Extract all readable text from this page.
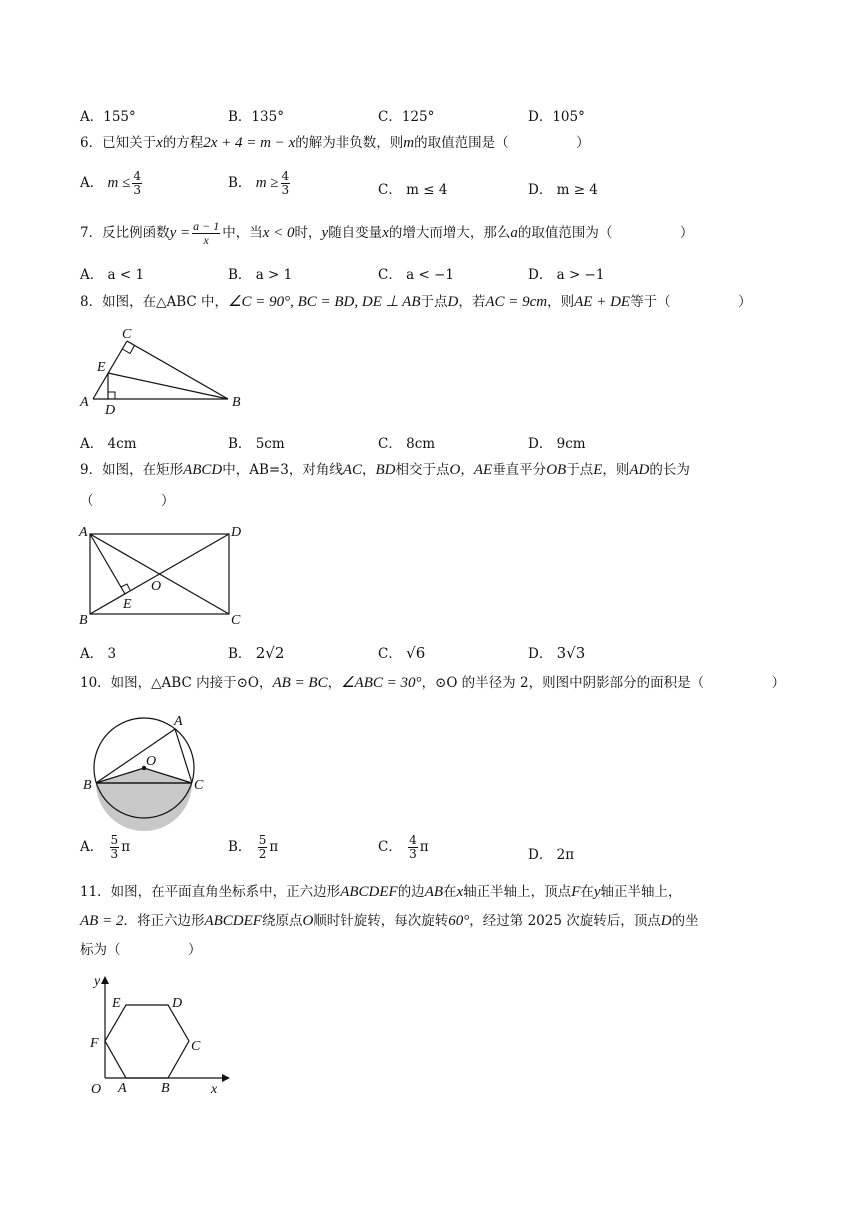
A．155°	B．135°	C．125°	D．105°
6．已知关于x的方程2x + 4 = m − x的解为非负数，则m的取值范围是（　　　　　）
A． $m \le \frac{4}{3}$	B． $m \ge \frac{4}{3}$	C． m ≤ 4	D． m ≥ 4
7．反比例函数$y = \frac{a - 1}{x}$ 中，当x < 0时，y随自变量x的增大而增大，那么a的取值范围为（　　　　　）
A． a < 1	B． a > 1	C． a < −1	D． a > −1
8．如图，在△ABC 中，∠C = 90°, BC = BD, DE ⊥ AB于点D，若AC = 9cm，则AE + DE等于（　　　　　）
A	B
C
D
E
A． 4cm	B． 5cm	C． 8cm	D． 9cm
9．如图，在矩形ABCD中，AB=3，对角线AC，BD相交于点O，AE垂直平分OB于点E，则AD的长为
（　　　　　）
A	D
B	C
O
E
A． 3	B． 2√2	C． √6	D． 3√3
10．如图，△ABC 内接于⊙O，AB = BC，∠ABC = 30°，⊙O 的半径为 2，则图中阴影部分的面积是（　　　　　）
A
B	C
O
A． $\frac{5}{3}$ π	B． $\frac{5}{2}$ π	C． $\frac{4}{3}$ π	D． 2π
11．如图，在平面直角坐标系中，正六边形ABCDEF的边AB在x轴正半轴上，顶点F在y轴正半轴上，
AB = 2．将正六边形ABCDEF绕原点O顺时针旋转，每次旋转60°，经过第 2025 次旋转后，顶点D的坐
标为（　　　　　）
y
x
O A B
C
D
E
F
